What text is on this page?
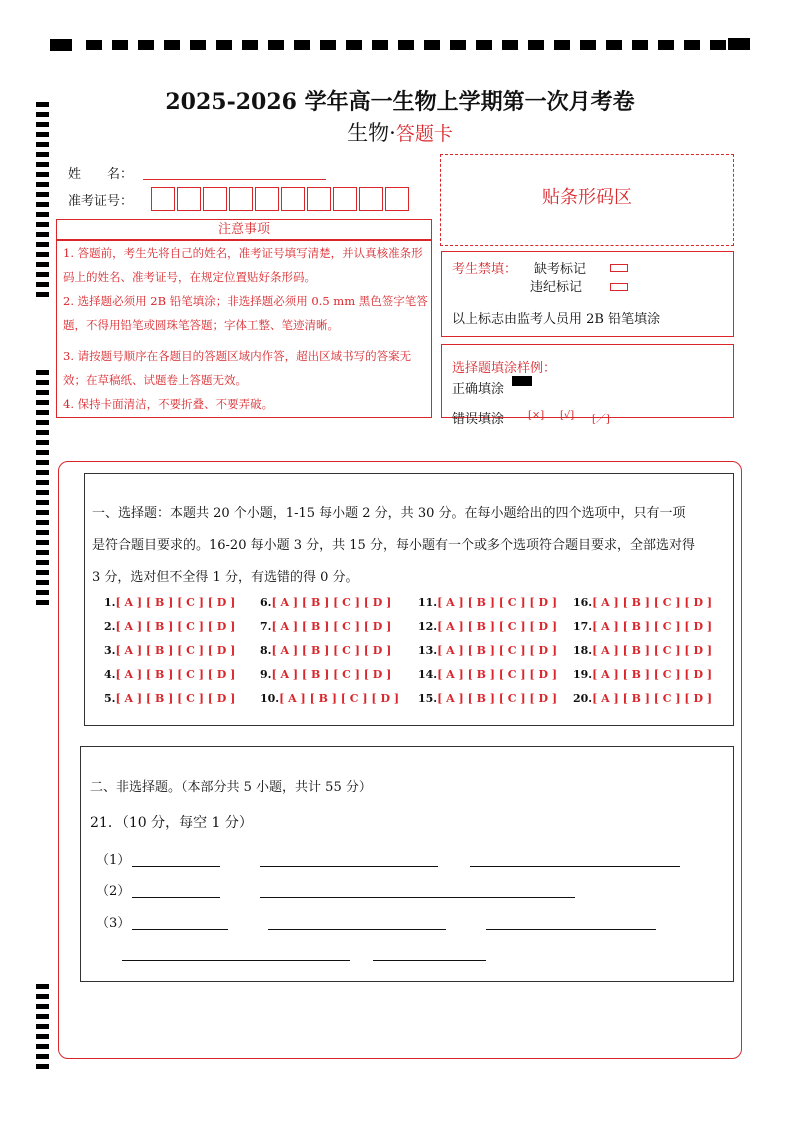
2025-2026 学年高一生物上学期第一次月考卷
生物·答题卡
姓　　名：
准考证号：
注意事项
1. 答题前，考生先将自己的姓名，准考证号填写清楚，并认真核准条形码上的姓名、准考证号，在规定位置贴好条形码。
2. 选择题必须用 2B 铅笔填涂；非选择题必须用 0.5 mm 黑色签字笔答题，不得用铅笔或圆珠笔答题；字体工整、笔迹清晰。
3. 请按题号顺序在各题目的答题区域内作答，超出区域书写的答案无效；在草稿纸、试题卷上答题无效。
4. 保持卡面清洁，不要折叠、不要弄破。
贴条形码区
考生禁填： 缺考标记
违纪标记
以上标志由监考人员用 2B 铅笔填涂
选择题填涂样例：
正确填涂
错误填涂 [×] [√] [／]
一、选择题：本题共 20 个小题，1-15 每小题 2 分，共 30 分。在每小题给出的四个选项中，只有一项
是符合题目要求的。16-20 每小题 3 分，共 15 分，每小题有一个或多个选项符合题目要求，全部选对得
3 分，选对但不全得 1 分，有选错的得 0 分。
1.[ A ] [ B ] [ C ] [ D ]
2.[ A ] [ B ] [ C ] [ D ]
3.[ A ] [ B ] [ C ] [ D ]
4.[ A ] [ B ] [ C ] [ D ]
5.[ A ] [ B ] [ C ] [ D ]
6.[ A ] [ B ] [ C ] [ D ]
7.[ A ] [ B ] [ C ] [ D ]
8.[ A ] [ B ] [ C ] [ D ]
9.[ A ] [ B ] [ C ] [ D ]
10.[ A ] [ B ] [ C ] [ D ]
11.[ A ] [ B ] [ C ] [ D ]
12.[ A ] [ B ] [ C ] [ D ]
13.[ A ] [ B ] [ C ] [ D ]
14.[ A ] [ B ] [ C ] [ D ]
15.[ A ] [ B ] [ C ] [ D ]
16.[ A ] [ B ] [ C ] [ D ]
17.[ A ] [ B ] [ C ] [ D ]
18.[ A ] [ B ] [ C ] [ D ]
19.[ A ] [ B ] [ C ] [ D ]
20.[ A ] [ B ] [ C ] [ D ]
二、非选择题。（本部分共 5 小题，共计 55 分）
21．（10 分，每空 1 分）
（1）
（2）
（3）
